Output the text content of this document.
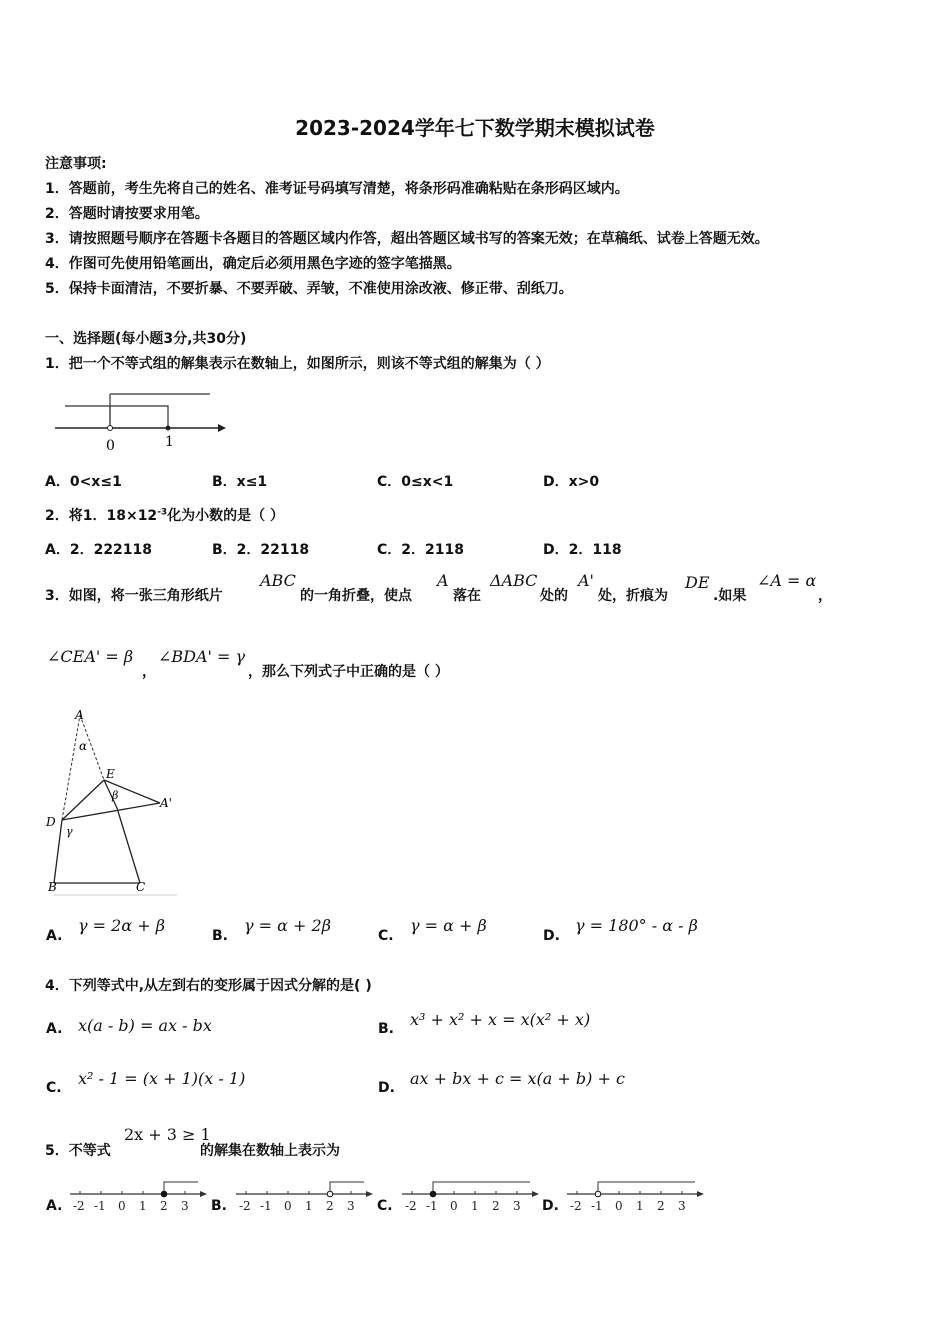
2023-2024学年七下数学期末模拟试卷
注意事项:
1．答题前，考生先将自己的姓名、准考证号码填写清楚，将条形码准确粘贴在条形码区域内。
2．答题时请按要求用笔。
3．请按照题号顺序在答题卡各题目的答题区域内作答，超出答题区域书写的答案无效；在草稿纸、试卷上答题无效。
4．作图可先使用铅笔画出，确定后必须用黑色字迹的签字笔描黑。
5．保持卡面清洁，不要折暴、不要弄破、弄皱，不准使用涂改液、修正带、刮纸刀。
一、选择题(每小题3分,共30分)
1．把一个不等式组的解集表示在数轴上，如图所示，则该不等式组的解集为（ ）
0	1
A．0<x≤1	B．x≤1	C．0≤x<1	D．x>0
2．将1．$18\times 12^{-3}$化为小数的是（ ）
A．2．222118	B．2．22118	C．2．2118	D．2．118
3．如图，将一张三角形纸片
ABC
的一角折叠，使点
A
落在
ΔABC
处的
A'
处，折痕为
DE
.如果
∠A = α
，
∠CEA' = β
，
∠BDA' = γ
，那么下列式子中正确的是（ ）
A
α
E
β
A'
D
γ
B	C
A.
γ = 2α + β
B.
γ = α + 2β
C.
γ = α + β
D.
γ = 180° - α - β
4．下列等式中,从左到右的变形属于因式分解的是( )
A. x(a - b) = ax - bx	B. x³ + x² + x = x(x² + x)
C. x² - 1 = (x + 1)(x - 1)	D. ax + bx + c = x(a + b) + c
5．不等式
2x + 3 ≥ 1
的解集在数轴上表示为
A.	B.	C.	D.
-2 -1 0 1 2 3	-2 -1 0 1 2 3	-2 -1 0 1 2 3	-2 -1 0 1 2 3
